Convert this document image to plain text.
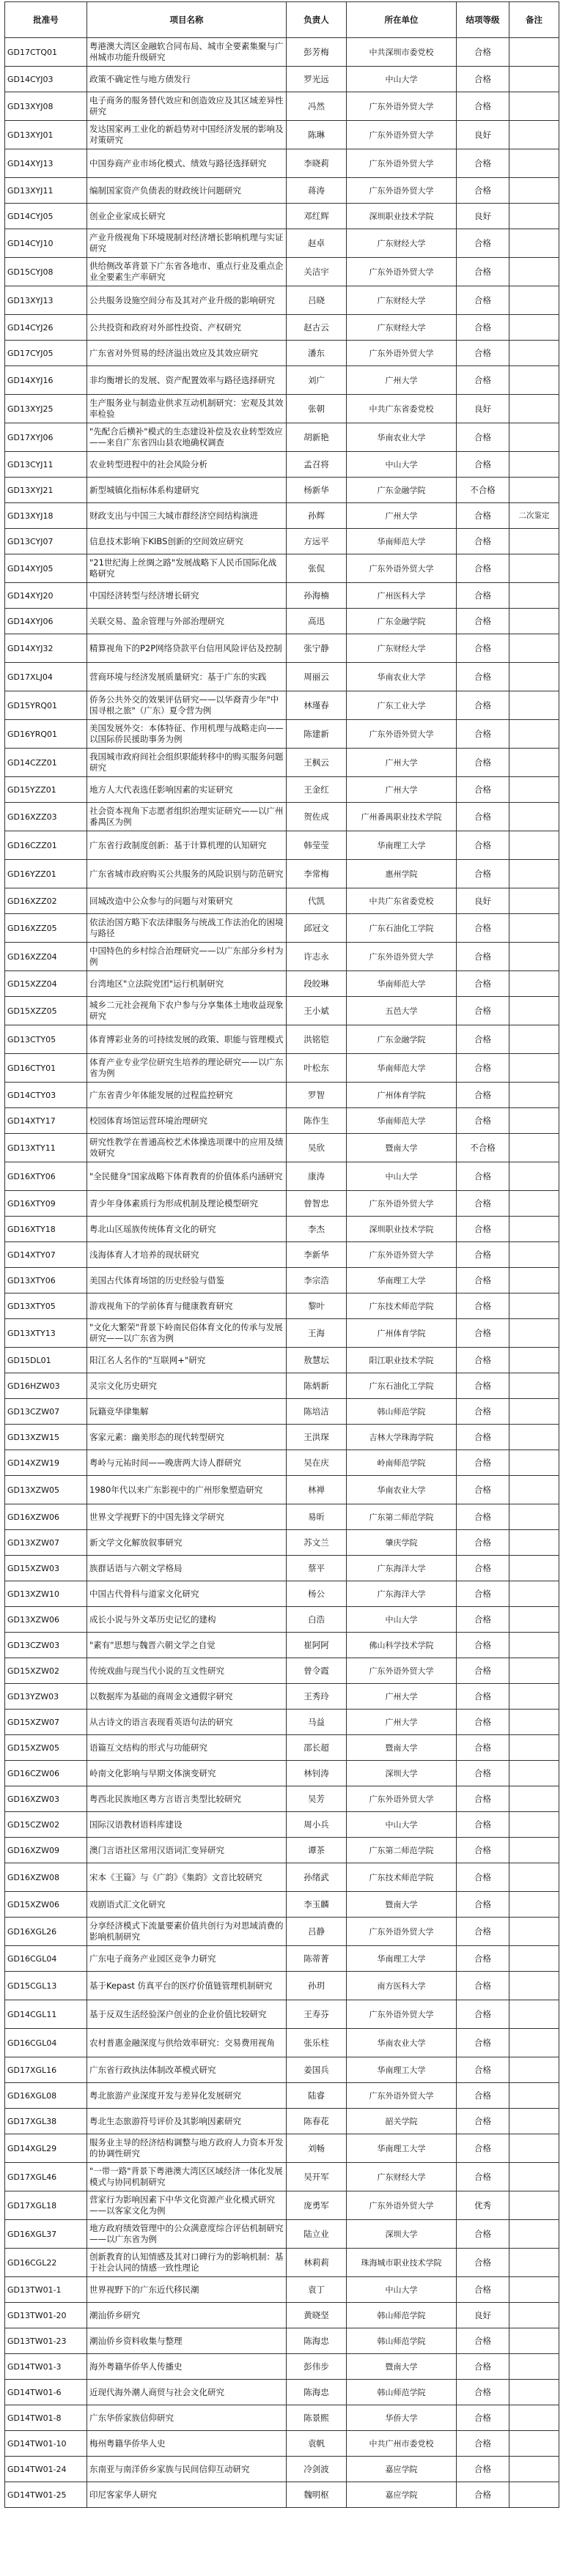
批准号	项目名称	负责人	所在单位	结项等级	备注
GD17CTQ01	粤港澳大湾区金融软合同布局、城市全要素集聚与广州城市功能升级研究	彭芳梅	中共深圳市委党校	合格	
GD14CYJ03	政策不确定性与地方债发行	罗光远	中山大学	合格	
GD13XYJ08	电子商务的服务替代效应和创造效应及其区域差异性研究	冯然	广东外语外贸大学	合格	
GD13XYJ01	发达国家再工业化的新趋势对中国经济发展的影响及对策研究	陈琳	广东外语外贸大学	良好	
GD14XYJ13	中国券商产业市场化模式、绩效与路径选择研究	李晓莉	广东外语外贸大学	合格	
GD13XYJ11	编制国家资产负债表的财政统计问题研究	蒋涛	广东外语外贸大学	合格	
GD14CYJ05	创业企业家成长研究	邓红辉	深圳职业技术学院	良好	
GD14CYJ10	产业升级视角下环境规制对经济增长影响机理与实证研究	赵卓	广东财经大学	合格	
GD15CYJ08	供给侧改革背景下广东省各地市、重点行业及重点企业全要素生产率研究	关洁宇	广东外语外贸大学	合格	
GD13XYJ13	公共服务设施空间分布及其对产业升级的影响研究	吕晓	广东财经大学	合格	
GD14CYJ26	公共投资和政府对外部性投资、产权研究	赵古云	广东财经大学	合格	
GD17CYJ05	广东省对外贸易的经济溢出效应及其效应研究	潘东	广东外语外贸大学	合格	
GD14XYJ16	非均衡增长的发展、资产配置效率与路径选择研究	刘广	广州大学	合格	
GD13XYJ25	生产服务业与制造业供求互动机制研究：宏观及其效率检验	张朝	中共广东省委党校	良好	
GD17XYJ06	"先配合后横补"模式的生态建设补偿及农业转型效应——来自广东省四山县农地确权调查	胡新艳	华南农业大学	合格	
GD13CYJ11	农业转型进程中的社会风险分析	孟召将	中山大学	合格	
GD13XYJ21	新型城镇化指标体系构建研究	杨新华	广东金融学院	不合格	
GD13XYJ18	财政支出与中国三大城市群经济空间结构演进	孙辉	广州大学	合格	二次鉴定
GD13CYJ07	信息技术影响下KIBS创新的空间效应研究	方远平	华南师范大学	合格	
GD14XYJ05	"21世纪海上丝绸之路"发展战略下人民币国际化战略研究	张侃	广东外语外贸大学	合格	
GD14XYJ20	中国经济转型与经济增长研究	孙海楠	广州医科大学	合格	
GD14XYJ06	关联交易、盈余管理与外部治理研究	高迅	广东金融学院	合格	
GD14XYJ32	精算视角下的P2P网络贷款平台信用风险评估及控制	张宁静	广东财经大学	合格	
GD17XLJ04	营商环境与经济发展质量研究：基于广东的实践	周丽云	华南农业大学	合格	
GD15YRQ01	侨务公共外交的效果评估研究——以华裔青少年"中国寻根之旅"（广东）夏令营为例	林瑾春	广东工业大学	合格	
GD16YRQ01	美国发展外交：本体特征、作用机理与战略走向——以国际侨民援助事务为例	陈建新	广东外语外贸大学	合格	
GD14CZZ01	我国城市政府间社会组织职能转移中的购买服务问题研究	王枫云	广州大学	合格	
GD15YZZ01	地方人大代表选任影响因素的实证研究	王金红	广州大学	合格	
GD16XZZ03	社会资本视角下志愿者组织治理实证研究——以广州番禺区为例	贺佐成	广州番禺职业技术学院	合格	
GD16CZZ01	广东省行政制度创新：基于计算机理的认知研究	韩莹莹	华南理工大学	合格	
GD16YZZ01	广东省城市政府购买公共服务的风险识别与防范研究	李常梅	惠州学院	合格	
GD16XZZ02	回城改造中公众参与的问题与对策研究	代凯	中共广东省委党校	良好	
GD16XZZ05	依法治国方略下农法律服务与统战工作法治化的困境与路径	邱冠文	广东石油化工学院	合格	
GD16XZZ04	中国特色的乡村综合治理研究——以广东部分乡村为例	许志永	广东外语外贸大学	合格	
GD15XZZ04	台湾地区"立法院党团"运行机制研究	段皎琳	华南师范大学	合格	
GD15XZZ05	城乡二元社会视角下农户参与分享集体土地收益现象研究	王小斌	五邑大学	合格	
GD13CTY05	体育博彩业务的可持续发展的政策、职能与管理模式	洪铭铠	广东金融学院	合格	
GD16CTY01	体育产业专业学位研究生培养的理论研究——以广东省为例	叶松东	华南师范大学	合格	
GD14CTY03	广东省青少年体能发展的过程监控研究	罗智	广州体育学院	合格	
GD14XTY17	校园体育场馆运营环境治理研究	陈作生	华南师范大学	合格	
GD13XTY11	研究性教学在普通高校艺术体操选项课中的应用及绩效研究	吴欣	暨南大学	不合格	
GD16XTY06	"全民健身"国家战略下体育教育的价值体系内涵研究	康涛	中山大学	合格	
GD16XTY09	青少年身体素质行为形成机制及理论模型研究	曾智忠	广东外语外贸大学	合格	
GD16XTY18	粤北山区瑶族传统体育文化的研究	李杰	深圳职业技术学院	合格	
GD14XTY07	浅海体育人才培养的现状研究	李新华	广东外语外贸大学	合格	
GD13XTY06	美国古代体育场馆的历史经验与借鉴	李宗浩	华南理工大学	合格	
GD13XTY05	游戏视角下的学前体育与健康教育研究	黎叶	广东技术师范学院	合格	
GD13XTY13	"文化大繁荣"背景下岭南民俗体育文化的传承与发展研究——以广东省为例	王海	广州体育学院	合格	
GD15DL01	阳江名人名作的"互联网+"研究	敖慧坛	阳江职业技术学院	合格	
GD16HZW03	灵宗文化历史研究	陈炳新	广东石油化工学院	合格	
GD13CZW07	阮籍竞华律集解	陈培洁	韩山师范学院	合格	
GD13XZW15	客家元素：幽美形态的现代转型研究	王洪琛	吉林大学珠海学院	合格	
GD14XZW19	粤岭与元祐时间——晚唐两大诗人群研究	吴在庆	岭南师范学院	合格	
GD13XZW05	1980年代以来广东影视中的广州形象塑造研究	林禅	华南农业大学	合格	
GD16XZW06	世界文学视野下的中国先锋文学研究	易昕	广东第二师范学院	合格	
GD13XZW07	新文学文化解放叙事研究	苏文兰	肇庆学院	合格	
GD15XZW03	族群话语与六朝文学格局	蔡平	广东海洋大学	合格	
GD13XZW10	中国古代骨科与道家文化研究	杨公	广东海洋大学	合格	
GD13XZW06	成长小说与外文革历史记忆的建构	白浩	中山大学	合格	
GD13CZW03	"素有"思想与魏晋六朝文学之自觉	崔阿阿	佛山科学技术学院	合格	
GD15XZW02	传统戏曲与现当代小说的互文性研究	曾令霞	广东外语外贸大学	合格	
GD13YZW03	以数据库为基础的商周金文通假字研究	王秀玲	广州大学	合格	
GD15XZW07	从古诗文的语言表现看英语句法的研究	马益	广州大学	合格	
GD15XZW05	语篇互文结构的形式与功能研究	邵长超	暨南大学	合格	
GD16CZW06	岭南文化影响与早期文体演变研究	林钊涛	深圳大学	合格	
GD16XZW03	粤西北民族地区粤方言语言类型比较研究	吴芳	广东外语外贸大学	合格	
GD15CZW02	国际汉语教材语料库建设	周小兵	中山大学	合格	
GD16XZW09	澳门言语社区常用汉语词汇变异研究	谭茶	广东第二师范学院	合格	
GD16XZW08	宋本《王篇》与《广韵》《集韵》文音比较研究	孙绪武	广东技术师范学院	合格	
GD15XZW06	戏剧语式汇文化研究	李玉麟	暨南大学	合格	
GD16XGL26	分享经济模式下流量要素价值共创行为对思域消费的影响机制研究	吕静	广东外语外贸大学	合格	
GD16CGL04	广东电子商务产业园区竞争力研究	陈蒂菁	华南理工大学	合格	
GD15CGL13	基于Kepast 仿真平台的医疗价值链管理机制研究	孙玥	南方医科大学	合格	
GD14CGL11	基于反双生活经验深户创业的企业价值比较研究	王寿芬	广东外语外贸大学	合格	
GD16CGL04	农村普惠金融深度与供给效率研究：交易费用视角	张乐柱	华南农业大学	合格	
GD17XGL16	广东省行政执法体制改革模式研究	姜国兵	华南理工大学	合格	
GD16XGL08	粤北旅游产业深度开发与差异化发展研究	陆睿	广东外语外贸大学	合格	
GD17XGL38	粤北生态旅游符号评价及其影响因素研究	陈春花	韶关学院	合格	
GD14XGL29	服务业主导的经济结构调整与地方政府人力资本开发的协调性研究	刘畅	华南理工大学	合格	
GD17XGL46	"一带一路"背景下粤港澳大湾区区域经济一体化发展模式与协同机制研究	吴开军	广东财经大学	合格	
GD17XGL18	营家行为影响因素下中华文化资源产业化模式研究——以客家文化为例	庞勇军	广东外语外贸大学	优秀	
GD16XGL37	地方政府绩效管理中的公众满意度综合评估机制研究——以广东省为例	陆立业	深圳大学	合格	
GD16CGL22	创新教育的认知情感及其对口碑行为的影响机制：基于社会认同的情感一致性理论	林莉莉	珠海城市职业技术学院	合格	
GD13TW01-1	世界视野下的广东近代移民潮	袁丁	中山大学	合格	
GD13TW01-20	潮汕侨乡研究	黄晓坚	韩山师范学院	良好	
GD13TW01-23	潮汕侨乡资料收集与整理	陈海忠	韩山师范学院	合格	
GD14TW01-3	海外粤籍华侨华人传播史	彭伟步	暨南大学	合格	
GD14TW01-6	近现代海外潮人商贸与社会文化研究	陈海忠	韩山师范学院	合格	
GD14TW01-8	广东华侨家族信仰研究	陈景熙	华侨大学	合格	
GD14TW01-10	梅州粤籍华侨华人史	袁帆	中共广州市委党校	合格	
GD14TW01-24	东南亚与南洋侨乡家族与民间信仰互动研究	冷剑波	嘉应学院	合格	
GD14TW01-25	印尼客家华人研究	魏明枢	嘉应学院	合格	
